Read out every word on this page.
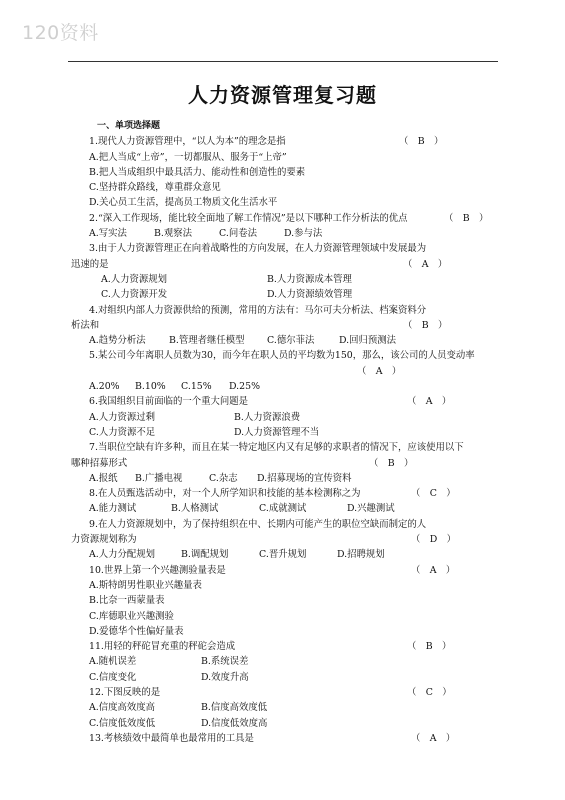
120资料
人力资源管理复习题
一、单项选择题
1.现代人力资源管理中，“以人为本”的理念是指	（　B　）
A.把人当成“上帝”，一切都服从、服务于“上帝”
B.把人当成组织中最具活力、能动性和创造性的要素
C.坚持群众路线，尊重群众意见
D.关心员工生活，提高员工物质文化生活水平
2.“深入工作现场，能比较全面地了解工作情况”是以下哪种工作分析法的优点	（　B　）
A.写实法	B.观察法	C.问卷法	D.参与法
3.由于人力资源管理正在向着战略性的方向发展，在人力资源管理领域中发展最为
迅速的是	（　A　）
A.人力资源规划	B.人力资源成本管理
C.人力资源开发	D.人力资源绩效管理
4.对组织内部人力资源供给的预测，常用的方法有：马尔可夫分析法、档案资料分
析法和	（　B　）
A.趋势分析法 B.管理者继任模型 C.德尔菲法	D.回归预测法
5.某公司今年离职人员数为30，而今年在职人员的平均数为150，那么，该公司的人员变动率
（　A　）
A.20% B.10% C.15% D.25%
6.我国组织目前面临的一个重大问题是	（　A　）
A.人力资源过剩	B.人力资源浪费
C.人力资源不足	D.人力资源管理不当
7.当职位空缺有许多种，而且在某一特定地区内又有足够的求职者的情况下，应该使用以下
哪种招募形式	（　B　）
A.报纸 B.广播电视	C.杂志 D.招募现场的宣传资料
8.在人员甄选活动中，对一个人所学知识和技能的基本检测称之为	（　C　）
A.能力测试	B.人格测试	C.成就测试	D.兴趣测试
9.在人力资源规划中，为了保持组织在中、长期内可能产生的职位空缺而制定的人
力资源规划称为	（　D　）
A.人力分配规划	B.调配规划	C.晋升规划	D.招聘规划
10.世界上第一个兴趣测验量表是	（　A　）
A.斯特朗男性职业兴趣量表
B.比奈一西蒙量表
C.库德职业兴趣测验
D.爱德华个性偏好量表
11.用轻的秤砣冒充重的秤砣会造成	（　B　）
A.随机误差	B.系统误差
C.信度变化	D.效度升高
12.下图反映的是	（　C　）
A.信度高效度高	B.信度高效度低
C.信度低效度低	D.信度低效度高
13.考核绩效中最简单也最常用的工具是	（　A　）
